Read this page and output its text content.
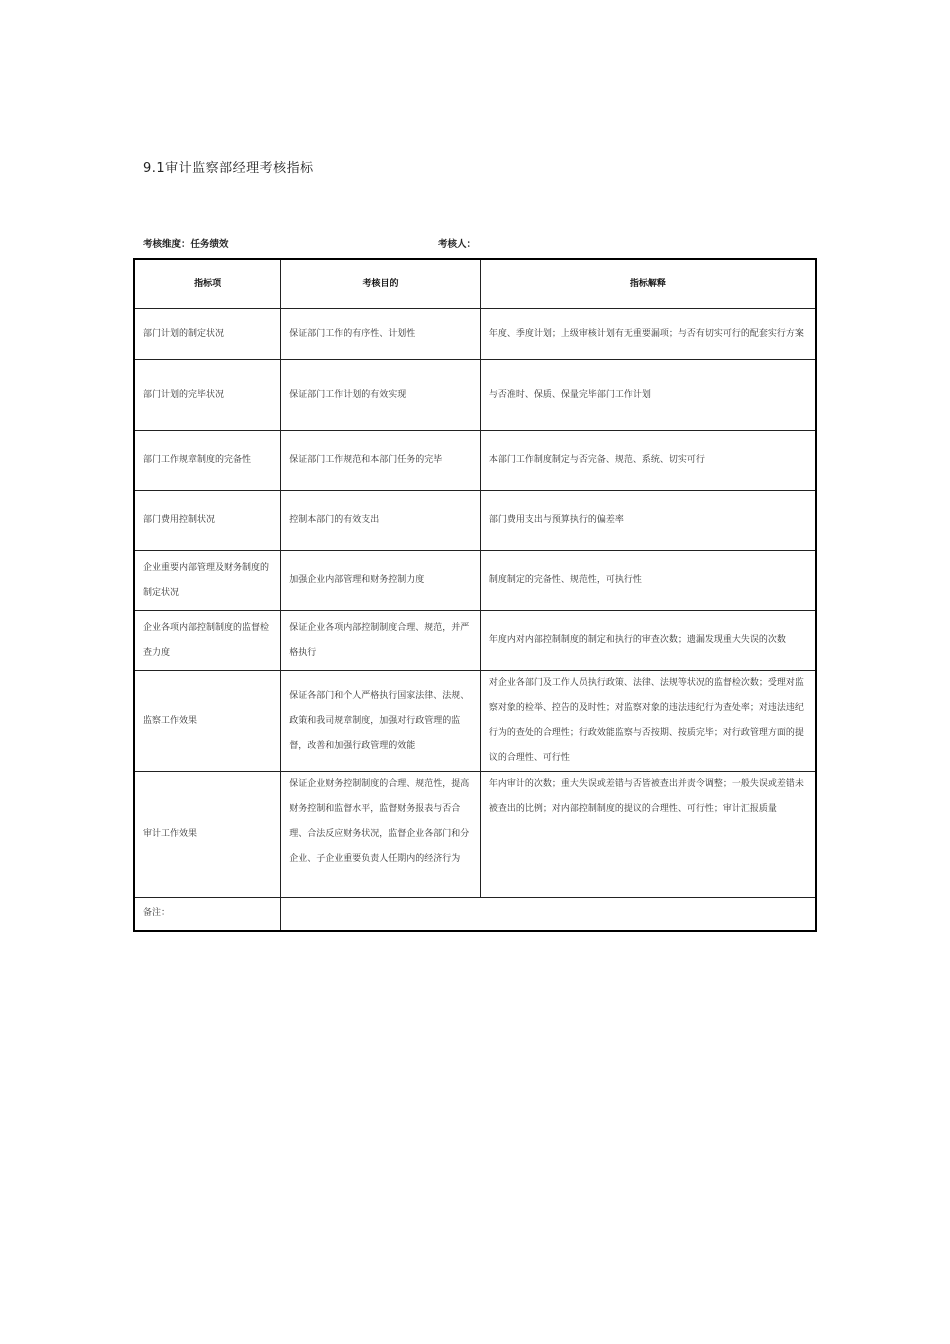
9.1审计监察部经理考核指标
考核维度：任务绩效	考核人：
指标项	考核目的	指标解释
部门计划的制定状况	保证部门工作的有序性、计划性	年度、季度计划；上级审核计划有无重要漏项；与否有切实可行的配套实行方案
部门计划的完毕状况	保证部门工作计划的有效实现	与否准时、保质、保量完毕部门工作计划
部门工作规章制度的完备性	保证部门工作规范和本部门任务的完毕	本部门工作制度制定与否完备、规范、系统、切实可行
部门费用控制状况	控制本部门的有效支出	部门费用支出与预算执行的偏差率
企业重要内部管理及财务制度的制定状况	加强企业内部管理和财务控制力度	制度制定的完备性、规范性，可执行性
企业各项内部控制制度的监督检查力度	保证企业各项内部控制制度合理、规范，并严格执行	年度内对内部控制制度的制定和执行的审查次数；遗漏发现重大失误的次数
监察工作效果	保证各部门和个人严格执行国家法律、法规、政策和我司规章制度，加强对行政管理的监督，改善和加强行政管理的效能	对企业各部门及工作人员执行政策、法律、法规等状况的监督检次数；受理对监察对象的检举、控告的及时性；对监察对象的违法违纪行为查处率；对违法违纪行为的查处的合理性；行政效能监察与否按期、按质完毕；对行政管理方面的提议的合理性、可行性
审计工作效果	保证企业财务控制制度的合理、规范性，提高财务控制和监督水平，监督财务报表与否合理、合法反应财务状况，监督企业各部门和分企业、子企业重要负责人任期内的经济行为	年内审计的次数；重大失误或差错与否皆被查出并责令调整；一般失误或差错未被查出的比例；对内部控制制度的提议的合理性、可行性；审计汇报质量
备注：		
